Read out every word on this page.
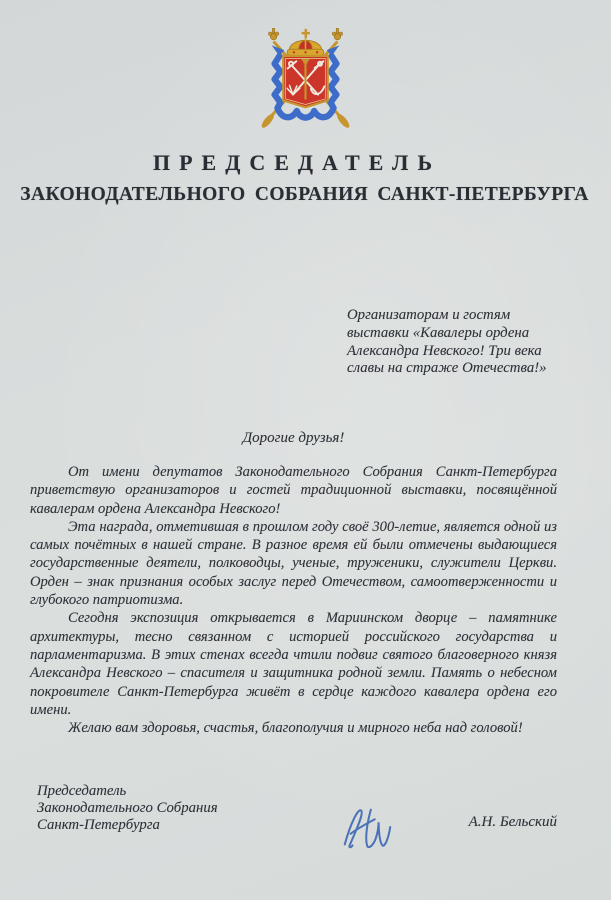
ПРЕДСЕДАТЕЛЬ
ЗАКОНОДАТЕЛЬНОГО СОБРАНИЯ САНКТ-ПЕТЕРБУРГА
Организаторам и гостям
выставки «Кавалеры ордена
Александра Невского! Три века
славы на страже Отечества!»
Дорогие друзья!

От имени депутатов Законодательного Собрания Санкт-Петербурга приветствую организаторов и гостей традиционной выставки, посвящённой кавалерам ордена Александра Невского!

Эта награда, отметившая в прошлом году своё 300-летие, является одной из самых почётных в нашей стране. В разное время ей были отмечены выдающиеся государственные деятели, полководцы, ученые, труженики, служители Церкви. Орден – знак признания особых заслуг перед Отечеством, самоотверженности и глубокого патриотизма.

Сегодня экспозиция открывается в Мариинском дворце – памятнике архитектуры, тесно связанном с историей российского государства и парламентаризма. В этих стенах всегда чтили подвиг святого благоверного князя Александра Невского – спасителя и защитника родной земли. Память о небесном покровителе Санкт-Петербурга живёт в сердце каждого кавалера ордена его имени.

Желаю вам здоровья, счастья, благополучия и мирного неба над головой!

Председатель
Законодательного Собрания
Санкт-Петербурга	А.Н. Бельский
